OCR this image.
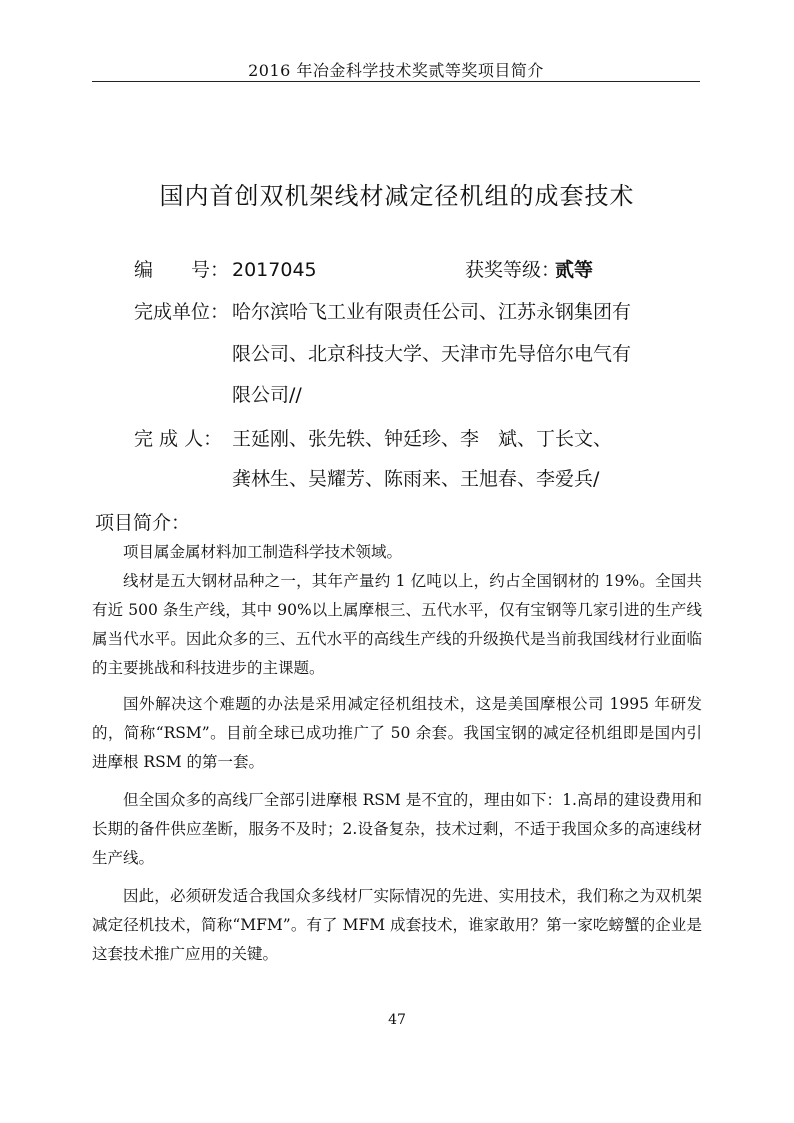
2016 年冶金科学技术奖贰等奖项目简介
国内首创双机架线材减定径机组的成套技术
编　　号： 2017045	获奖等级：
贰等
完成单位： 哈尔滨哈飞工业有限责任公司、江苏永钢集团有
限公司、北京科技大学、天津市先导倍尔电气有
限公司//
完 成 人： 王延刚、张先轶、钟廷珍、李　斌、丁长文、
龚林生、吴耀芳、陈雨来、王旭春、李爱兵/
项目简介：

项目属金属材料加工制造科学技术领域。

线材是五大钢材品种之一，其年产量约 1 亿吨以上，约占全国钢材的 19%。全国共有近 500 条生产线，其中 90%以上属摩根三、五代水平，仅有宝钢等几家引进的生产线属当代水平。因此众多的三、五代水平的高线生产线的升级换代是当前我国线材行业面临的主要挑战和科技进步的主课题。

国外解决这个难题的办法是采用减定径机组技术，这是美国摩根公司 1995 年研发的，简称“RSM”。目前全球已成功推广了 50 余套。我国宝钢的减定径机组即是国内引进摩根 RSM 的第一套。

但全国众多的高线厂全部引进摩根 RSM 是不宜的，理由如下：1.高昂的建设费用和长期的备件供应垄断，服务不及时；2.设备复杂，技术过剩，不适于我国众多的高速线材生产线。

因此，必须研发适合我国众多线材厂实际情况的先进、实用技术，我们称之为双机架减定径机技术，简称“MFM”。有了 MFM 成套技术，谁家敢用？第一家吃螃蟹的企业是这套技术推广应用的关键。

47
